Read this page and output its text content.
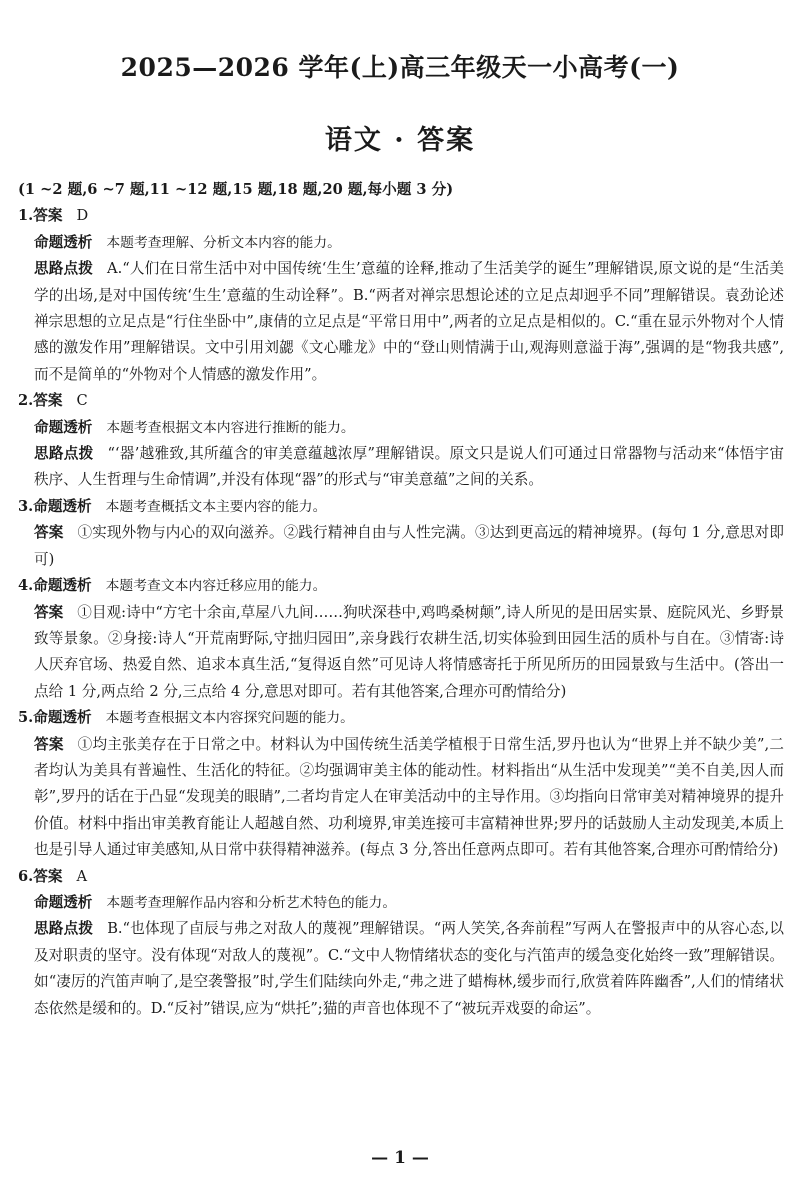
2025—2026 学年(上)高三年级天一小高考(一)
语文 · 答案

(1 ~2 题,6 ~7 题,11 ~12 题,15 题,18 题,20 题,每小题 3 分)

1.答案 D

命题透析 本题考查理解、分析文本内容的能力。

思路点拨 A.“人们在日常生活中对中国传统‘生生’意蕴的诠释,推动了生活美学的诞生”理解错误,原文说的是“生活美学的出场,是对中国传统‘生生’意蕴的生动诠释”。B.“两者对禅宗思想论述的立足点却迥乎不同”理解错误。袁劲论述禅宗思想的立足点是“行住坐卧中”,康倩的立足点是“平常日用中”,两者的立足点是相似的。C.“重在显示外物对个人情感的激发作用”理解错误。文中引用刘勰《文心雕龙》中的“登山则情满于山,观海则意溢于海”,强调的是“物我共感”,而不是简单的“外物对个人情感的激发作用”。

2.答案 C

命题透析 本题考查根据文本内容进行推断的能力。

思路点拨 “‘器’越雅致,其所蕴含的审美意蕴越浓厚”理解错误。原文只是说人们可通过日常器物与活动来“体悟宇宙秩序、人生哲理与生命情调”,并没有体现“器”的形式与“审美意蕴”之间的关系。

3.命题透析 本题考查概括文本主要内容的能力。

答案 ①实现外物与内心的双向滋养。②践行精神自由与人性完满。③达到更高远的精神境界。(每句 1 分,意思对即可)

4.命题透析 本题考查文本内容迁移应用的能力。

答案 ①目观:诗中“方宅十余亩,草屋八九间……狗吠深巷中,鸡鸣桑树颠”,诗人所见的是田居实景、庭院风光、乡野景致等景象。②身接:诗人“开荒南野际,守拙归园田”,亲身践行农耕生活,切实体验到田园生活的质朴与自在。③情寄:诗人厌弃官场、热爱自然、追求本真生活,“复得返自然”可见诗人将情感寄托于所见所历的田园景致与生活中。(答出一点给 1 分,两点给 2 分,三点给 4 分,意思对即可。若有其他答案,合理亦可酌情给分)

5.命题透析 本题考查根据文本内容探究问题的能力。

答案 ①均主张美存在于日常之中。材料认为中国传统生活美学植根于日常生活,罗丹也认为“世界上并不缺少美”,二者均认为美具有普遍性、生活化的特征。②均强调审美主体的能动性。材料指出“从生活中发现美”“美不自美,因人而彰”,罗丹的话在于凸显“发现美的眼睛”,二者均肯定人在审美活动中的主导作用。③均指向日常审美对精神境界的提升价值。材料中指出审美教育能让人超越自然、功利境界,审美连接可丰富精神世界;罗丹的话鼓励人主动发现美,本质上也是引导人通过审美感知,从日常中获得精神滋养。(每点 3 分,答出任意两点即可。若有其他答案,合理亦可酌情给分)

6.答案 A

命题透析 本题考查理解作品内容和分析艺术特色的能力。

思路点拨 B.“也体现了卣辰与弗之对敌人的蔑视”理解错误。“两人笑笑,各奔前程”写两人在警报声中的从容心态,以及对职责的坚守。没有体现“对敌人的蔑视”。C.“文中人物情绪状态的变化与汽笛声的缓急变化始终一致”理解错误。如“凄厉的汽笛声响了,是空袭警报”时,学生们陆续向外走,“弗之进了蜡梅林,缓步而行,欣赏着阵阵幽香”,人们的情绪状态依然是缓和的。D.“反衬”错误,应为“烘托”;猫的声音也体现不了“被玩弄戏耍的命运”。

— 1 —
